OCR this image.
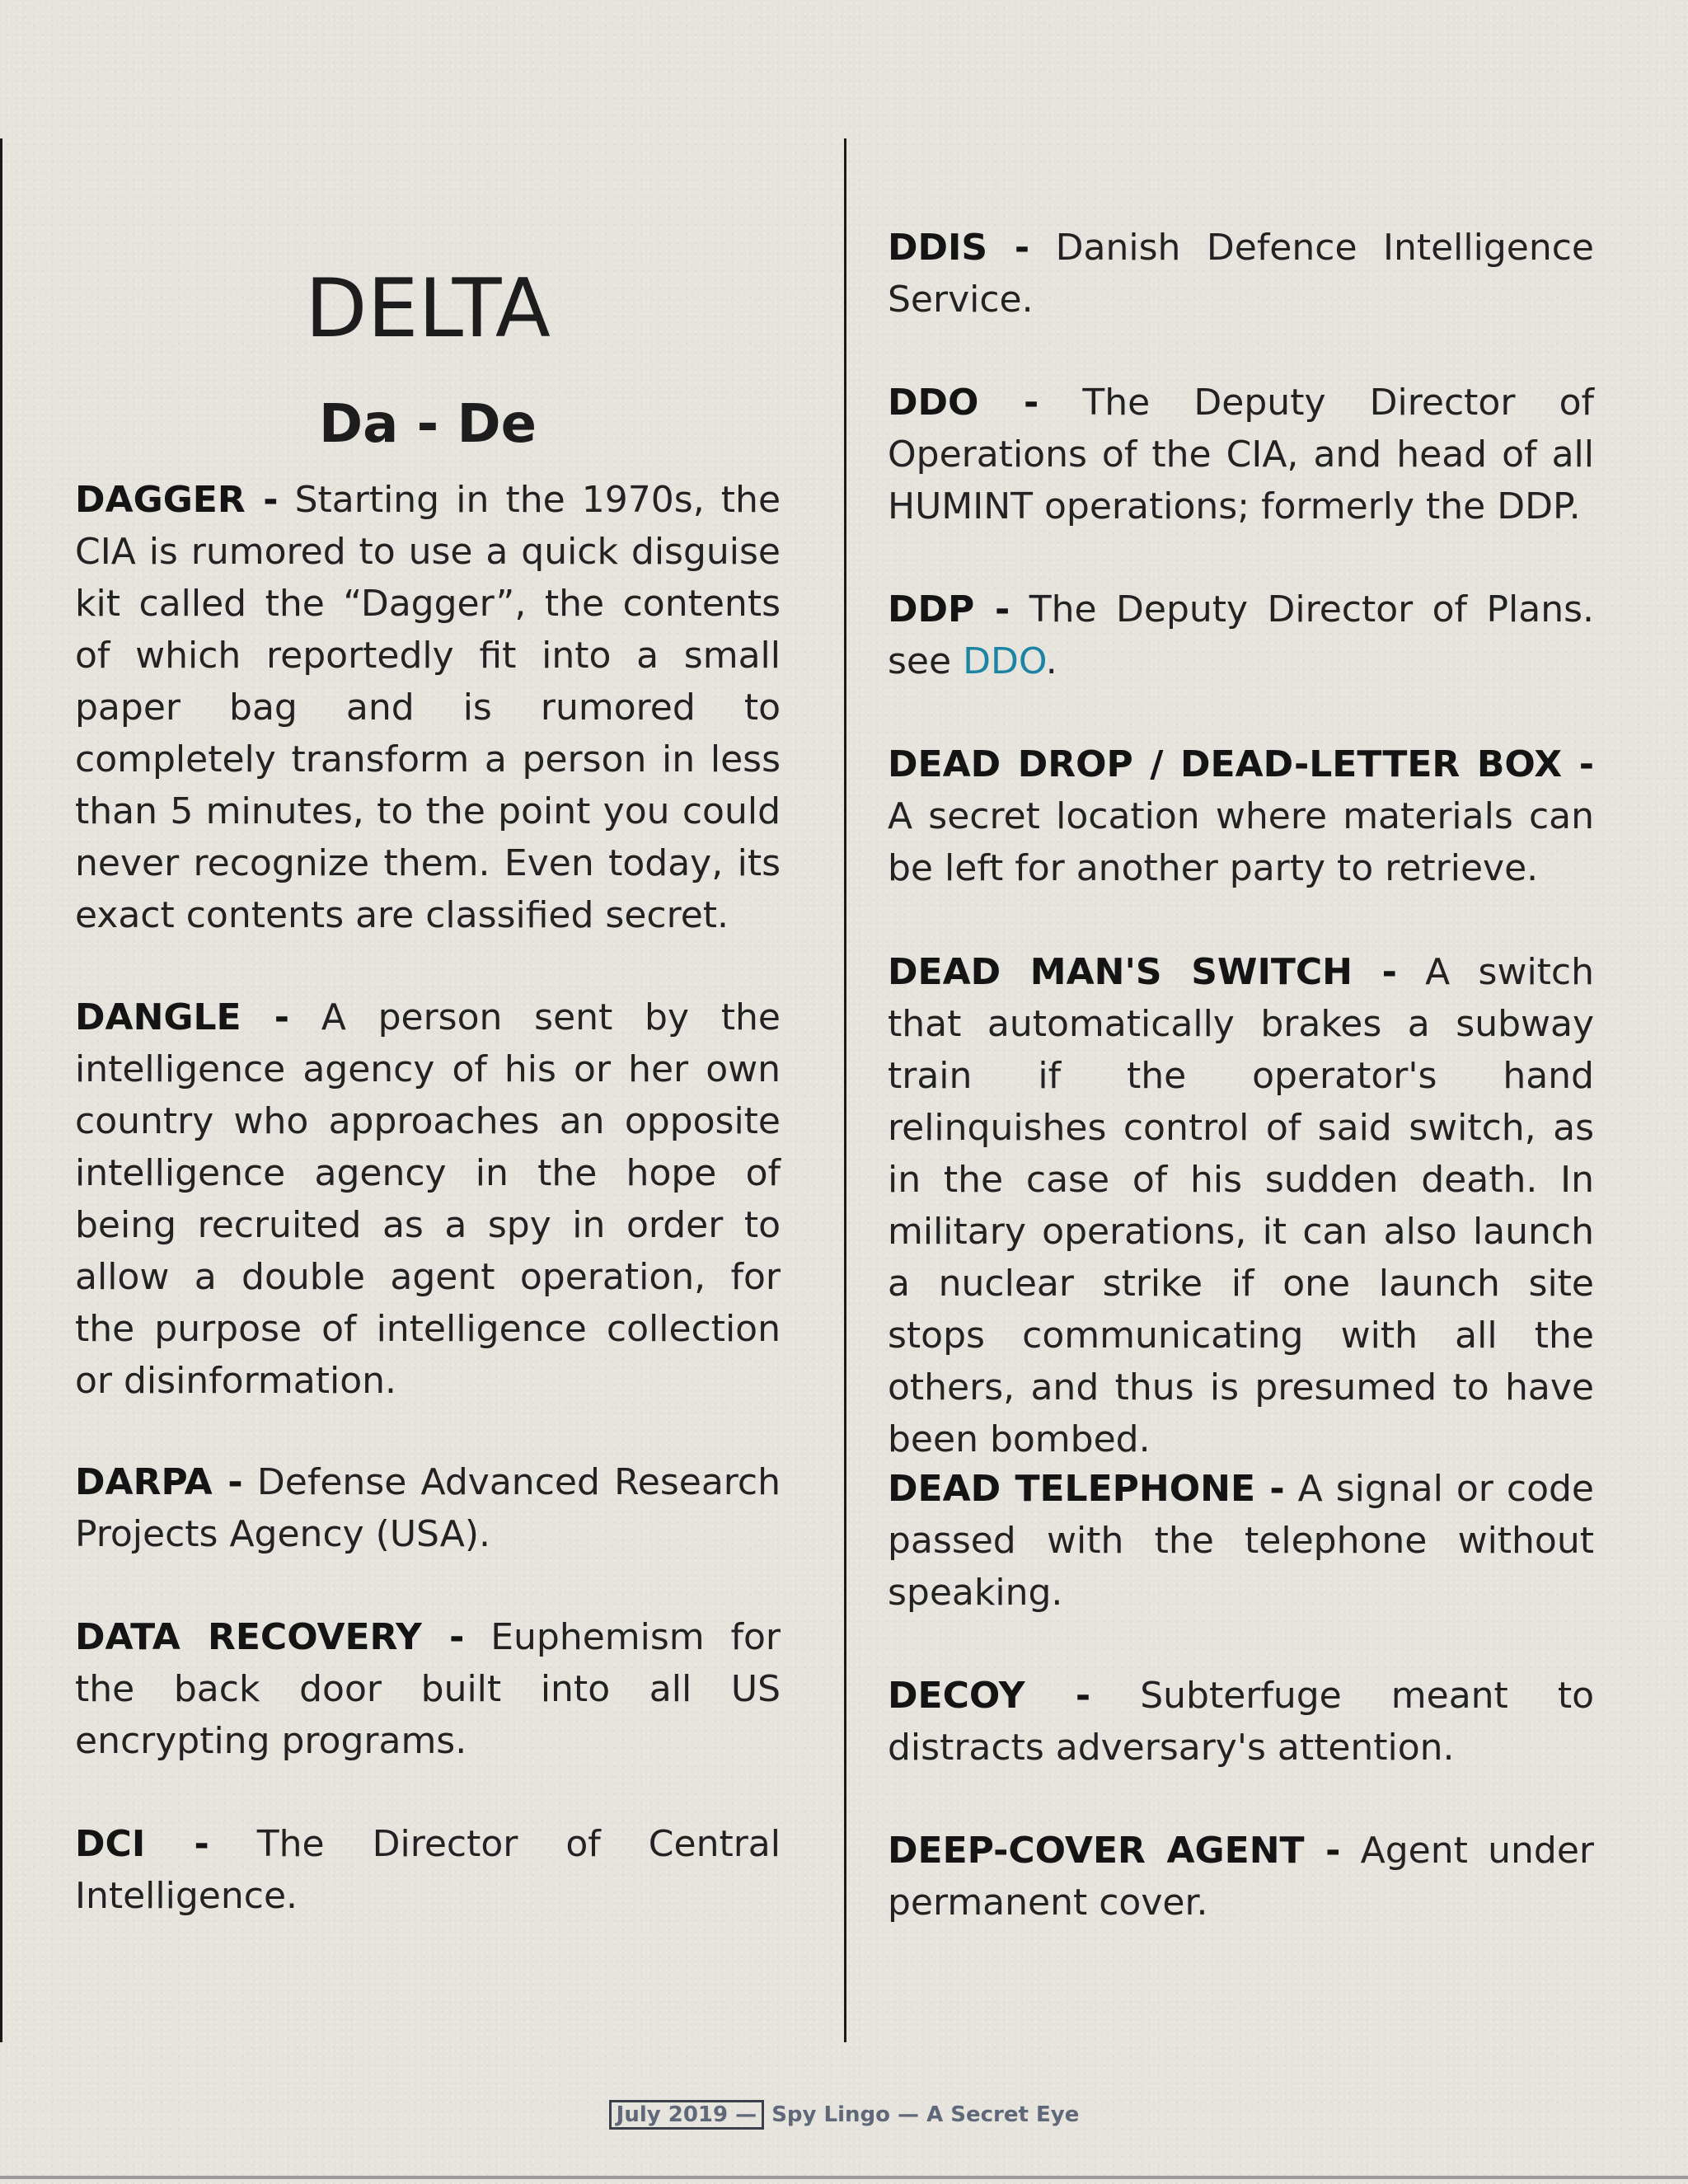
DELTA
Da - De

DAGGER - Starting in the 1970s, the CIA is rumored to use a quick disguise kit called the “Dagger”, the contents of which reportedly fit into a small paper bag and is rumored to completely transform a person in less than 5 minutes, to the point you could never recognize them. Even today, its exact contents are classified secret.

DANGLE - A person sent by the intelligence agency of his or her own country who approaches an opposite intelligence agency in the hope of being recruited as a spy in order to allow a double agent operation, for the purpose of intelligence collection or disinformation.

DARPA - Defense Advanced Research Projects Agency (USA).

DATA RECOVERY - Euphemism for the back door built into all US encrypting programs.

DCI - The Director of Central Intelligence.

DDIS - Danish Defence Intelligence Service.

DDO - The Deputy Director of Operations of the CIA, and head of all HUMINT operations; formerly the DDP.

DDP - The Deputy Director of Plans. see DDO.

DEAD DROP / DEAD-LETTER BOX - A secret location where materials can be left for another party to retrieve.

DEAD MAN'S SWITCH - A switch that automatically brakes a subway train if the operator's hand relinquishes control of said switch, as in the case of his sudden death. In military operations, it can also launch a nuclear strike if one launch site stops communicating with all the others, and thus is presumed to have been bombed.

DEAD TELEPHONE - A signal or code passed with the telephone without speaking.

DECOY - Subterfuge meant to distracts adversary's attention.

DEEP-COVER AGENT - Agent under permanent cover.

July 2019 — Spy Lingo — A Secret Eye
